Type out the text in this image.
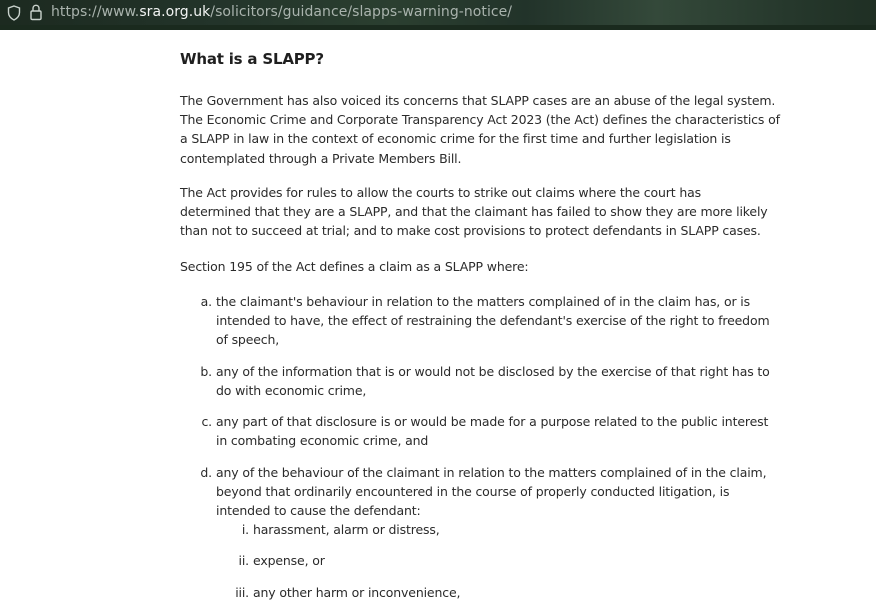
https://www.sra.org.uk/solicitors/guidance/slapps-warning-notice/
What is a SLAPP?

The Government has also voiced its concerns that SLAPP cases are an abuse of the legal system. The Economic Crime and Corporate Transparency Act 2023 (the Act) defines the characteristics of a SLAPP in law in the context of economic crime for the first time and further legislation is contemplated through a Private Members Bill.

The Act provides for rules to allow the courts to strike out claims where the court has determined that they are a SLAPP, and that the claimant has failed to show they are more likely than not to succeed at trial; and to make cost provisions to protect defendants in SLAPP cases.

Section 195 of the Act defines a claim as a SLAPP where:

a. the claimant's behaviour in relation to the matters complained of in the claim has, or is intended to have, the effect of restraining the defendant's exercise of the right to freedom of speech,
b. any of the information that is or would not be disclosed by the exercise of that right has to do with economic crime,
c. any part of that disclosure is or would be made for a purpose related to the public interest in combating economic crime, and
d. any of the behaviour of the claimant in relation to the matters complained of in the claim, beyond that ordinarily encountered in the course of properly conducted litigation, is intended to cause the defendant:
i. harassment, alarm or distress,
ii. expense, or
iii. any other harm or inconvenience,
